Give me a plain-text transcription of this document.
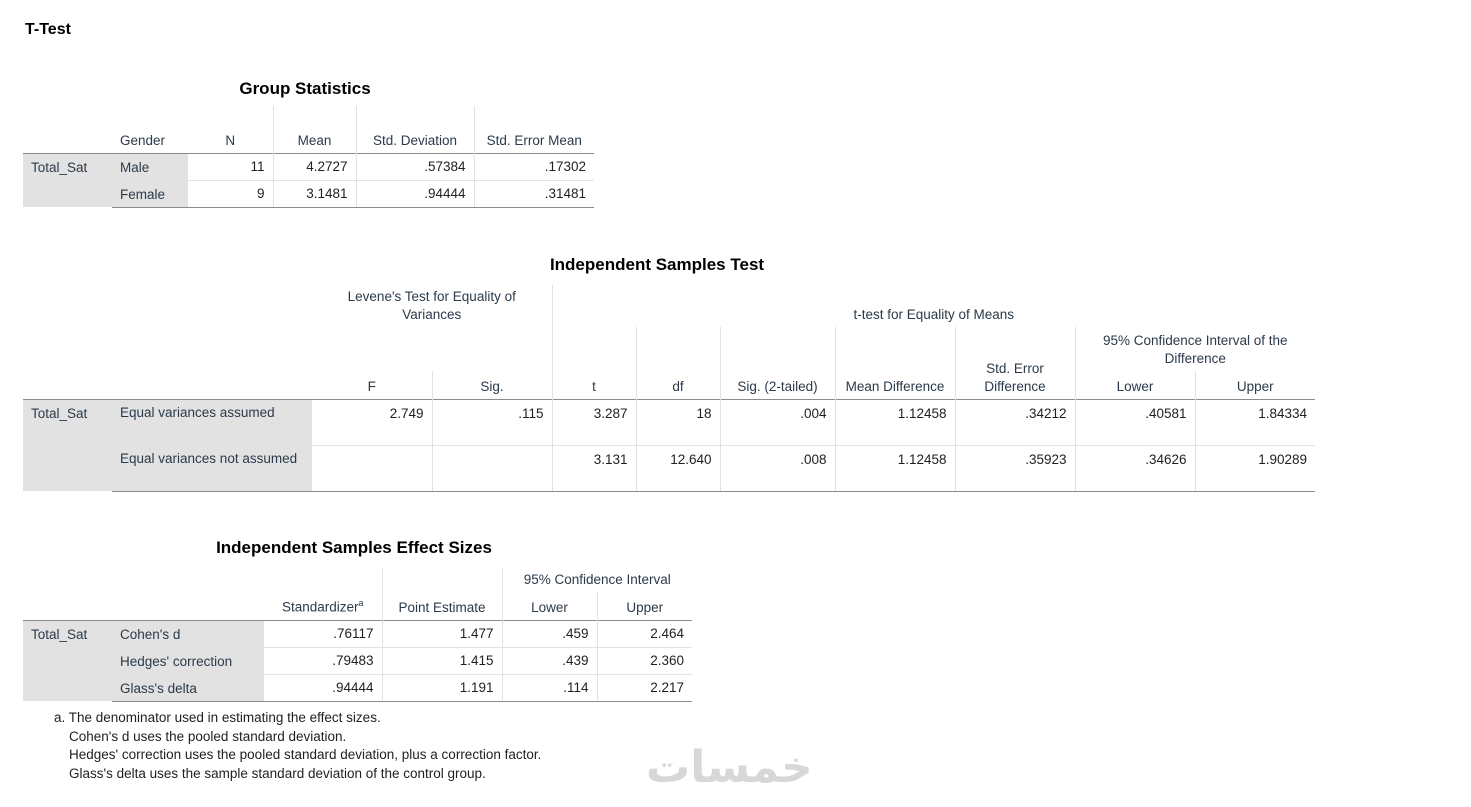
T-Test
Group Statistics
	Gender	N	Mean	Std. Deviation	Std. Error Mean
Total_Sat	Male	11	4.2727	.57384	.17302
	Female	9	3.1481	.94444	.31481
Independent Samples Test
		Levene's Test for Equality of Variances		t-test for Equality of Means						
				t	df	Sig. (2-tailed)	Mean Difference	Std. Error Difference	95% Confidence Interval of the Difference	
		F	Sig.						Lower	Upper
Total_Sat	Equal variances assumed	2.749	.115	3.287	18	.004	1.12458	.34212	.40581	1.84334
	Equal variances not assumed			3.131	12.640	.008	1.12458	.35923	.34626	1.90289
Independent Samples Effect Sizes
		Standardizer$^a$	Point Estimate	95% Confidence Interval	
				Lower	Upper
Total_Sat	Cohen's d	.76117	1.477	.459	2.464
	Hedges' correction	.79483	1.415	.439	2.360
	Glass's delta	.94444	1.191	.114	2.217
a. The denominator used in estimating the effect sizes.
Cohen's d uses the pooled standard deviation.
Hedges' correction uses the pooled standard deviation, plus a correction factor.
Glass's delta uses the sample standard deviation of the control group.	خمسات
